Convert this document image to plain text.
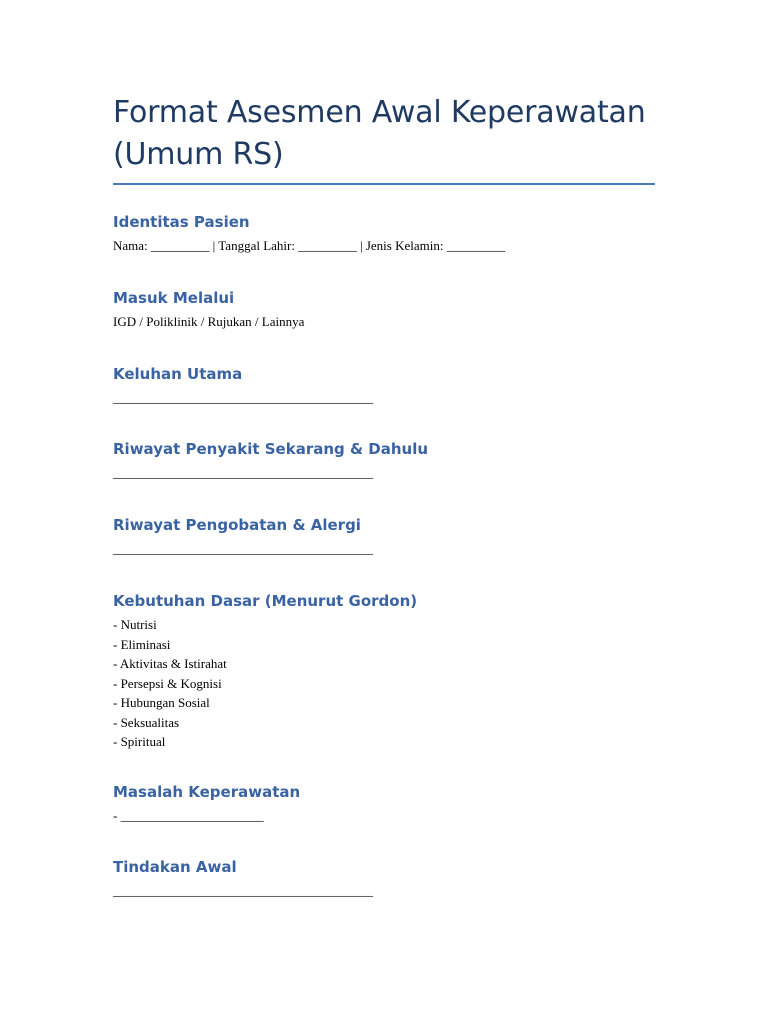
Format Asesmen Awal Keperawatan
(Umum RS)
Identitas Pasien

Nama: _________ | Tanggal Lahir: _________ | Jenis Kelamin: _________

Masuk Melalui

IGD / Poliklinik / Rujukan / Lainnya

Keluhan Utama

________________________________________

Riwayat Penyakit Sekarang & Dahulu

________________________________________

Riwayat Pengobatan & Alergi

________________________________________

Kebutuhan Dasar (Menurut Gordon)

- Nutrisi

- Eliminasi

- Aktivitas & Istirahat

- Persepsi & Kognisi

- Hubungan Sosial

- Seksualitas

- Spiritual

Masalah Keperawatan

- ______________________

Tindakan Awal

________________________________________
